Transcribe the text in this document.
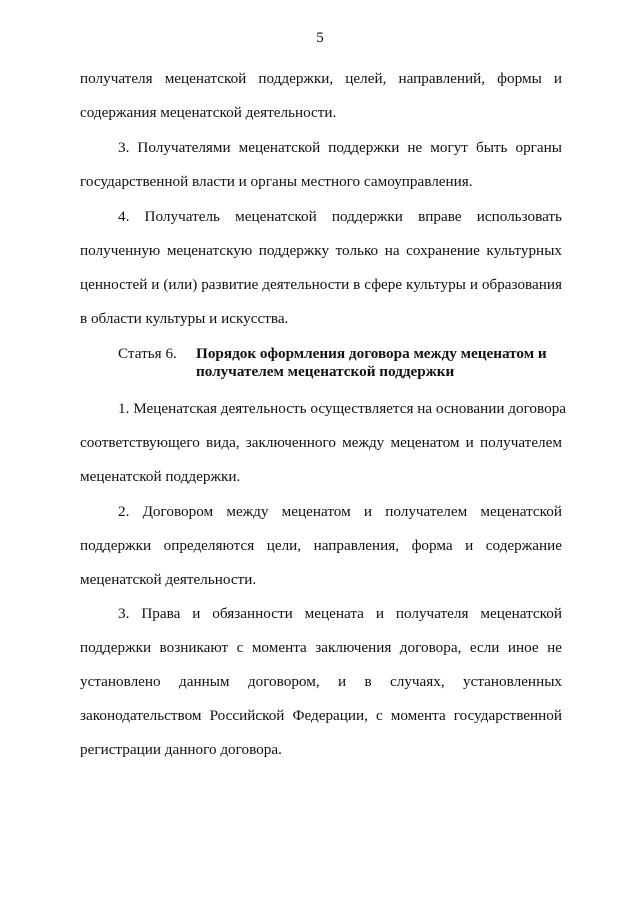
5
получателя меценатской поддержки, целей, направлений, формы и
содержания меценатской деятельности.
3. Получателями меценатской поддержки не могут быть органы
государственной власти и органы местного самоуправления.
4. Получатель меценатской поддержки вправе использовать
полученную меценатскую поддержку только на сохранение культурных
ценностей и (или) развитие деятельности в сфере культуры и образования
в области культуры и искусства.
Статья 6.	Порядок оформления договора между меценатом и
получателем меценатской поддержки
1. Меценатская деятельность осуществляется на основании договора
соответствующего вида, заключенного между меценатом и получателем
меценатской поддержки.
2. Договором между меценатом и получателем меценатской
поддержки определяются цели, направления, форма и содержание
меценатской деятельности.
3. Права и обязанности мецената и получателя меценатской
поддержки возникают с момента заключения договора, если иное не
установлено данным договором, и в случаях, установленных
законодательством Российской Федерации, с момента государственной
регистрации данного договора.
